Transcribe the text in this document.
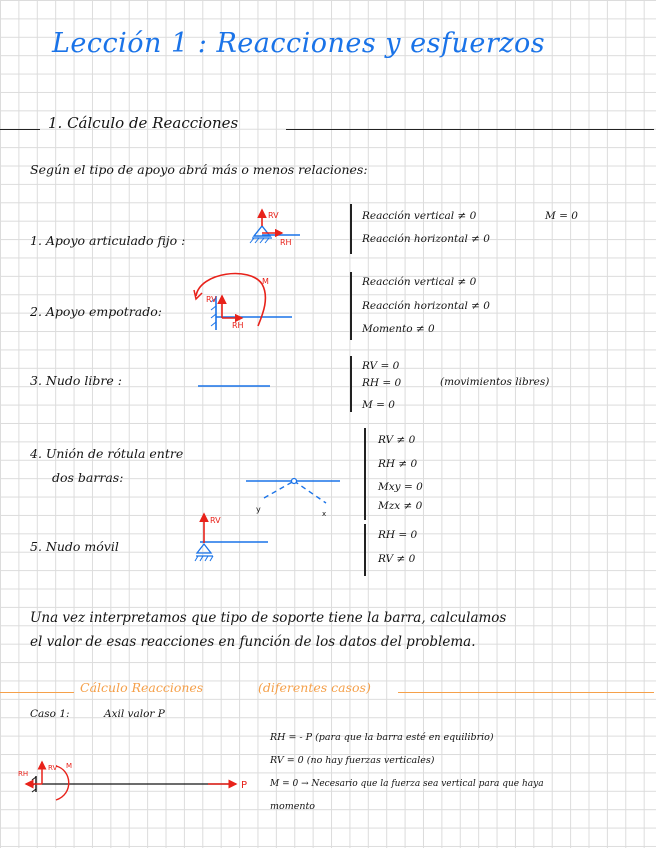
Lección 1 : Reacciones y esfuerzos
1. Cálculo de Reacciones
Según el tipo de apoyo abrá más o menos relaciones:
1. Apoyo articulado fijo :
Reacción vertical ≠ 0
Reacción horizontal ≠ 0
M = 0
2. Apoyo empotrado:
Reacción vertical ≠ 0
Reacción horizontal ≠ 0
Momento ≠ 0
3. Nudo libre :
RV = 0
RH = 0
M = 0
(movimientos libres)
4. Unión de rótula entre
dos barras:
RV ≠ 0
RH ≠ 0
Mxy = 0
Mzx ≠ 0
5. Nudo móvil
RH = 0
RV ≠ 0
Una vez interpretamos que tipo de soporte tiene la barra, calculamos
el valor de esas reacciones en función de los datos del problema.
Cálculo Reacciones	(diferentes casos)
Caso 1:	Axil valor P
RH = - P (para que la barra esté en equilibrio)
RV = 0 (no hay fuerzas verticales)
M = 0 → Necesario que la fuerza sea vertical para que haya
momento
RV
RH
M
RV
RH
y	x
RV
RH
RV M
P
